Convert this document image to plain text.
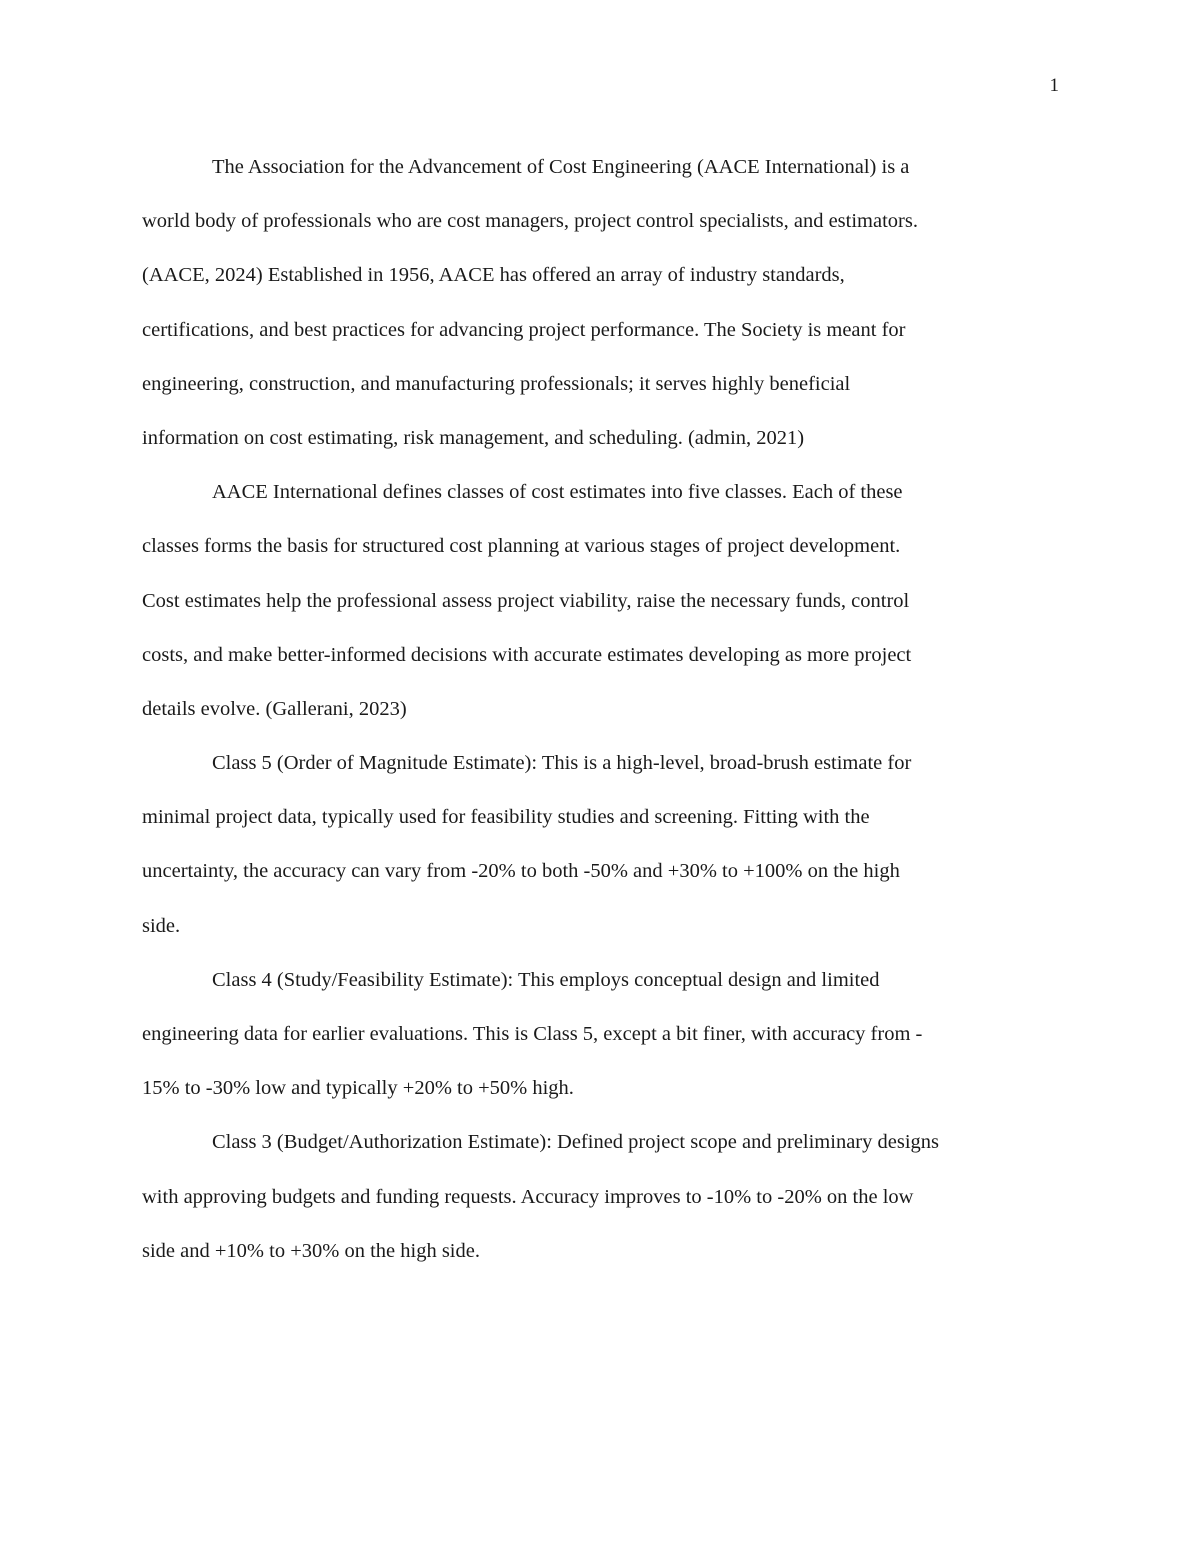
1
The Association for the Advancement of Cost Engineering (AACE International) is a
world body of professionals who are cost managers, project control specialists, and estimators.
(AACE, 2024) Established in 1956, AACE has offered an array of industry standards,
certifications, and best practices for advancing project performance. The Society is meant for
engineering, construction, and manufacturing professionals; it serves highly beneficial
information on cost estimating, risk management, and scheduling. (admin, 2021)
AACE International defines classes of cost estimates into five classes. Each of these
classes forms the basis for structured cost planning at various stages of project development.
Cost estimates help the professional assess project viability, raise the necessary funds, control
costs, and make better-informed decisions with accurate estimates developing as more project
details evolve. (Gallerani, 2023)
Class 5 (Order of Magnitude Estimate): This is a high-level, broad-brush estimate for
minimal project data, typically used for feasibility studies and screening. Fitting with the
uncertainty, the accuracy can vary from -20% to both -50% and +30% to +100% on the high
side.
Class 4 (Study/Feasibility Estimate): This employs conceptual design and limited
engineering data for earlier evaluations. This is Class 5, except a bit finer, with accuracy from -
15% to -30% low and typically +20% to +50% high.
Class 3 (Budget/Authorization Estimate): Defined project scope and preliminary designs
with approving budgets and funding requests. Accuracy improves to -10% to -20% on the low
side and +10% to +30% on the high side.
